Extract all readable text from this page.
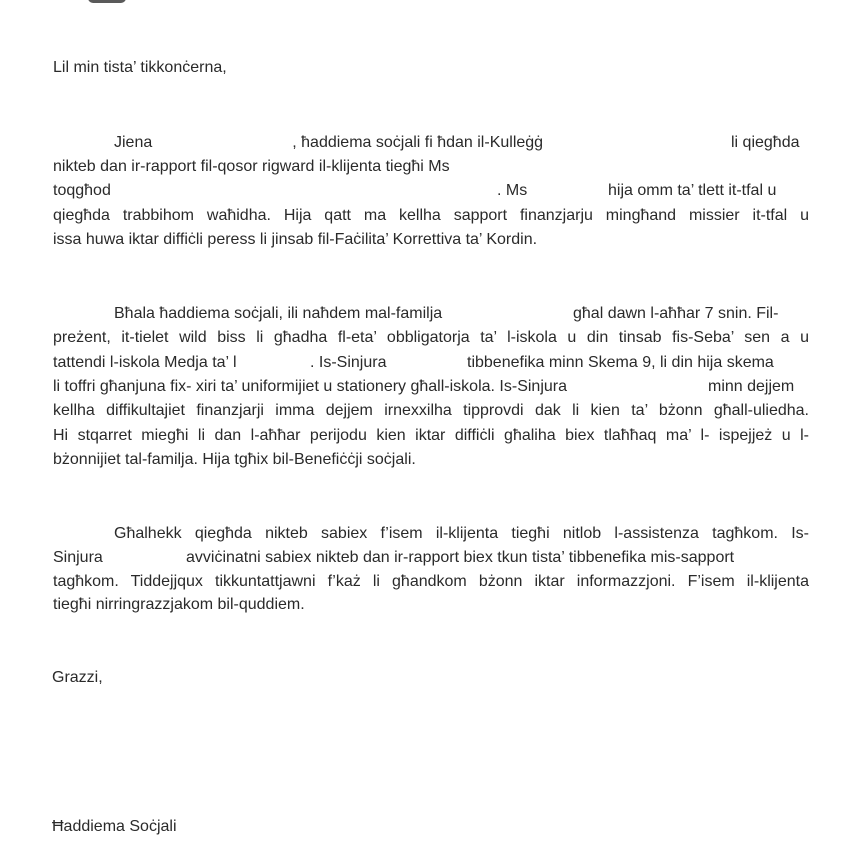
Lil min tista’ tikkonċerna,
Jiena	, ħaddiema soċjali fi ħdan il-Kulleġġ	li qiegħda
nikteb dan ir-rapport fil-qosor rigward il-klijenta tiegħi Ms
toqgħod	. Ms	hija omm ta’ tlett it-tfal u
qiegħda trabbihom waħidha. Hija qatt ma kellha sapport finanzjarju mingħand missier it-tfal u
issa huwa iktar diffiċli peress li jinsab fil-Faċilita’ Korrettiva ta’ Kordin.
Bħala ħaddiema soċjali, ili naħdem mal-familja	għal dawn l-aħħar 7 snin. Fil-
preżent, it-tielet wild biss li għadha fl-eta’ obbligatorja ta’ l-iskola u din tinsab fis-Seba’ sen a u
tattendi l-iskola Medja ta’ l	. Is-Sinjura	tibbenefika minn Skema 9, li din hija skema
li toffri għanjuna fix- xiri ta’ uniformijiet u stationery għall-iskola. Is-Sinjura	minn dejjem
kellha diffikultajiet finanzjarji imma dejjem irnexxilha tipprovdi dak li kien ta’ bżonn għall-uliedha.
Hi stqarret miegħi li dan l-aħħar perijodu kien iktar diffiċli għaliha biex tlaħħaq ma’ l- ispejjeż u l-
bżonnijiet tal-familja. Hija tgħix bil-Benefiċċji soċjali.
Għalhekk qiegħda nikteb sabiex f’isem il-klijenta tiegħi nitlob l-assistenza tagħkom. Is-
Sinjura	avviċinatni sabiex nikteb dan ir-rapport biex tkun tista’ tibbenefika mis-sapport
tagħkom. Tiddejjqux tikkuntattjawni f’każ li għandkom bżonn iktar informazzjoni. F’isem il-klijenta
tiegħi nirringrazzjakom bil-quddiem.
Grazzi,
Ħaddiema Soċjali
